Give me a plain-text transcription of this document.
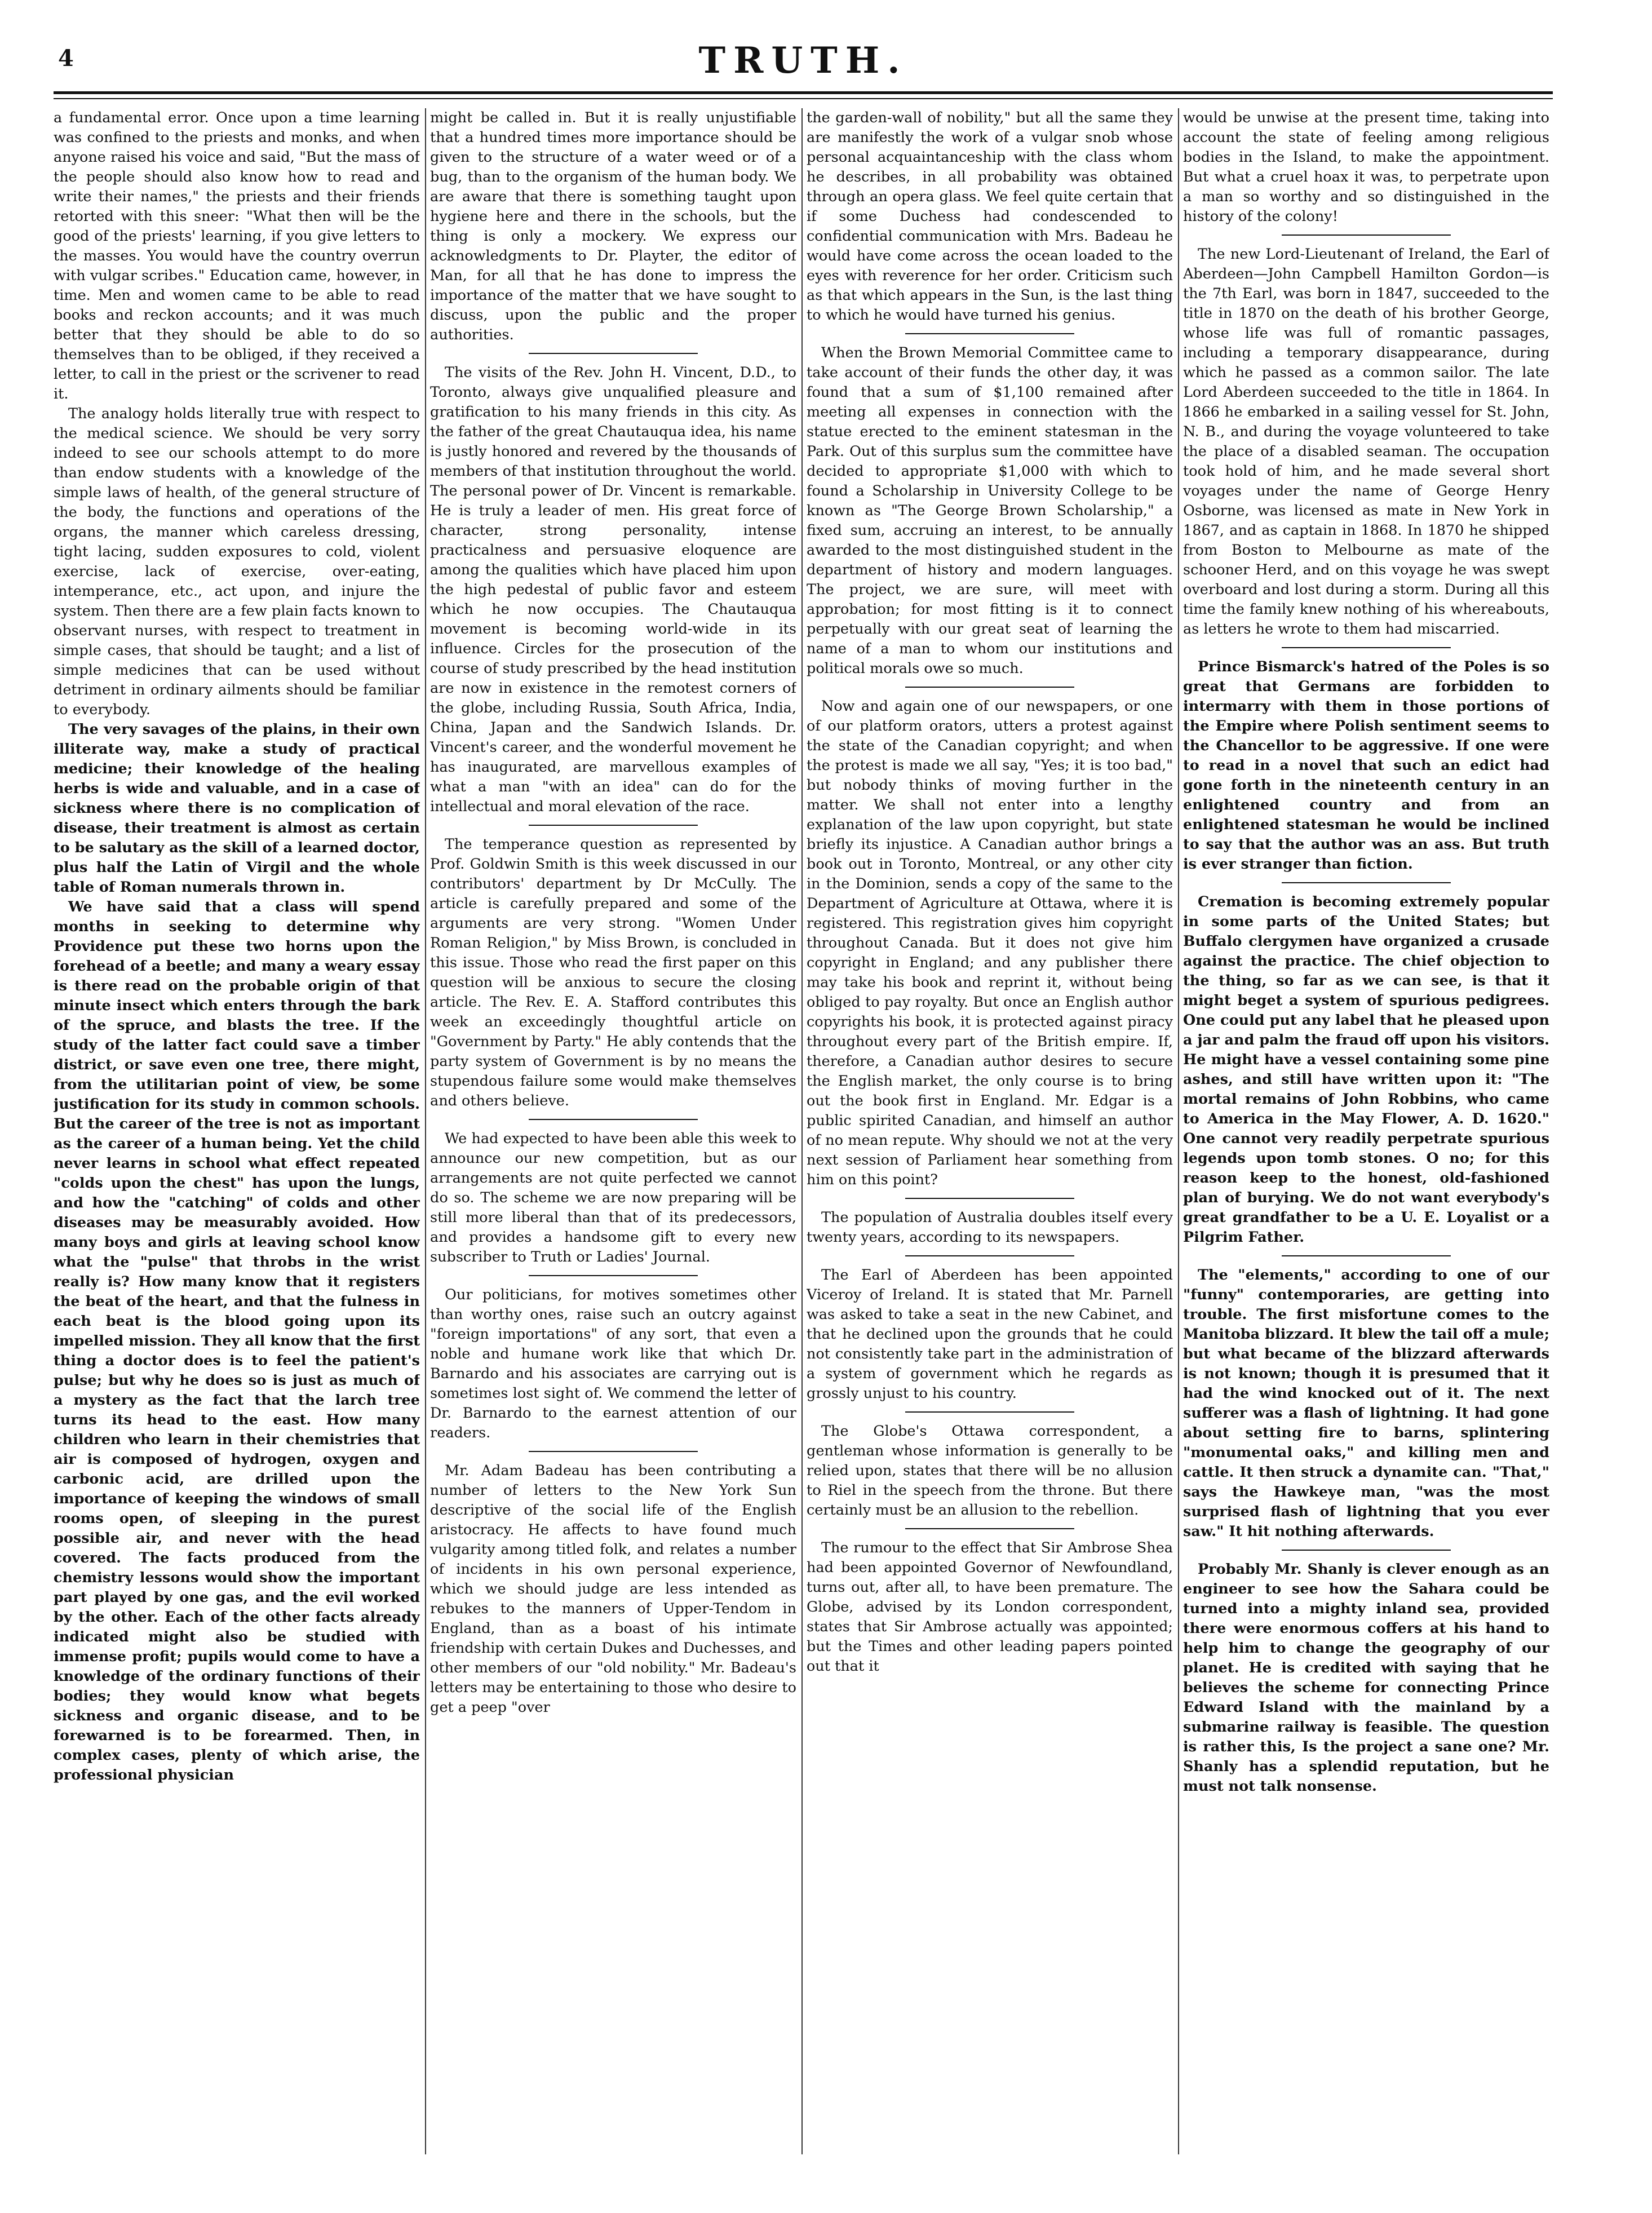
4	TRUTH.

a fundamental error. Once upon a time learning was confined to the priests and monks, and when anyone raised his voice and said, "But the mass of the people should also know how to read and write their names," the priests and their friends retorted with this sneer: "What then will be the good of the priests' learning, if you give letters to the masses. You would have the country overrun with vulgar scribes." Education came, however, in time. Men and women came to be able to read books and reckon accounts; and it was much better that they should be able to do so themselves than to be obliged, if they received a letter, to call in the priest or the scrivener to read it.

The analogy holds literally true with respect to the medical science. We should be very sorry indeed to see our schools attempt to do more than endow students with a knowledge of the simple laws of health, of the general structure of the body, the functions and operations of the organs, the manner which careless dressing, tight lacing, sudden exposures to cold, violent exercise, lack of exercise, over-eating, intemperance, etc., act upon, and injure the system. Then there are a few plain facts known to observant nurses, with respect to treatment in simple cases, that should be taught; and a list of simple medicines that can be used without detriment in ordinary ailments should be familiar to everybody.

The very savages of the plains, in their own illiterate way, make a study of practical medicine; their knowledge of the healing herbs is wide and valuable, and in a case of sickness where there is no complication of disease, their treatment is almost as certain to be salutary as the skill of a learned doctor, plus half the Latin of Virgil and the whole table of Roman numerals thrown in.

We have said that a class will spend months in seeking to determine why Providence put these two horns upon the forehead of a beetle; and many a weary essay is there read on the probable origin of that minute insect which enters through the bark of the spruce, and blasts the tree. If the study of the latter fact could save a timber district, or save even one tree, there might, from the utilitarian point of view, be some justification for its study in common schools. But the career of the tree is not as important as the career of a human being. Yet the child never learns in school what effect repeated "colds upon the chest" has upon the lungs, and how the "catching" of colds and other diseases may be measurably avoided. How many boys and girls at leaving school know what the "pulse" that throbs in the wrist really is? How many know that it registers the beat of the heart, and that the fulness in each beat is the blood going upon its impelled mission. They all know that the first thing a doctor does is to feel the patient's pulse; but why he does so is just as much of a mystery as the fact that the larch tree turns its head to the east. How many children who learn in their chemistries that air is composed of hydrogen, oxygen and carbonic acid, are drilled upon the importance of keeping the windows of small rooms open, of sleeping in the purest possible air, and never with the head covered. The facts produced from the chemistry lessons would show the important part played by one gas, and the evil worked by the other. Each of the other facts already indicated might also be studied with immense profit; pupils would come to have a knowledge of the ordinary functions of their bodies; they would know what begets sickness and organic disease, and to be forewarned is to be forearmed. Then, in complex cases, plenty of which arise, the professional physician

might be called in. But it is really unjustifiable that a hundred times more importance should be given to the structure of a water weed or of a bug, than to the organism of the human body. We are aware that there is something taught upon hygiene here and there in the schools, but the thing is only a mockery. We express our acknowledgments to Dr. Playter, the editor of Man, for all that he has done to impress the importance of the matter that we have sought to discuss, upon the public and the proper authorities.

The visits of the Rev. John H. Vincent, D.D., to Toronto, always give unqualified pleasure and gratification to his many friends in this city. As the father of the great Chautauqua idea, his name is justly honored and revered by the thousands of members of that institution throughout the world. The personal power of Dr. Vincent is remarkable. He is truly a leader of men. His great force of character, strong personality, intense practicalness and persuasive eloquence are among the qualities which have placed him upon the high pedestal of public favor and esteem which he now occupies. The Chautauqua movement is becoming world-wide in its influence. Circles for the prosecution of the course of study prescribed by the head institution are now in existence in the remotest corners of the globe, including Russia, South Africa, India, China, Japan and the Sandwich Islands. Dr. Vincent's career, and the wonderful movement he has inaugurated, are marvellous examples of what a man "with an idea" can do for the intellectual and moral elevation of the race.

The temperance question as represented by Prof. Goldwin Smith is this week discussed in our contributors' department by Dr McCully. The article is carefully prepared and some of the arguments are very strong. "Women Under Roman Religion," by Miss Brown, is concluded in this issue. Those who read the first paper on this question will be anxious to secure the closing article. The Rev. E. A. Stafford contributes this week an exceedingly thoughtful article on "Government by Party." He ably contends that the party system of Government is by no means the stupendous failure some would make themselves and others believe.

We had expected to have been able this week to announce our new competition, but as our arrangements are not quite perfected we cannot do so. The scheme we are now preparing will be still more liberal than that of its predecessors, and provides a handsome gift to every new subscriber to Truth or Ladies' Journal.

Our politicians, for motives sometimes other than worthy ones, raise such an outcry against "foreign importations" of any sort, that even a noble and humane work like that which Dr. Barnardo and his associates are carrying out is sometimes lost sight of. We commend the letter of Dr. Barnardo to the earnest attention of our readers.

Mr. Adam Badeau has been contributing a number of letters to the New York Sun descriptive of the social life of the English aristocracy. He affects to have found much vulgarity among titled folk, and relates a number of incidents in his own personal experience, which we should judge are less intended as rebukes to the manners of Upper-Tendom in England, than as a boast of his intimate friendship with certain Dukes and Duchesses, and other members of our "old nobility." Mr. Badeau's letters may be entertaining to those who desire to get a peep "over

the garden-wall of nobility," but all the same they are manifestly the work of a vulgar snob whose personal acquaintanceship with the class whom he describes, in all probability was obtained through an opera glass. We feel quite certain that if some Duchess had condescended to confidential communication with Mrs. Badeau he would have come across the ocean loaded to the eyes with reverence for her order. Criticism such as that which appears in the Sun, is the last thing to which he would have turned his genius.

When the Brown Memorial Committee came to take account of their funds the other day, it was found that a sum of $1,100 remained after meeting all expenses in connection with the statue erected to the eminent statesman in the Park. Out of this surplus sum the committee have decided to appropriate $1,000 with which to found a Scholarship in University College to be known as "The George Brown Scholarship," a fixed sum, accruing an interest, to be annually awarded to the most distinguished student in the department of history and modern languages. The project, we are sure, will meet with approbation; for most fitting is it to connect perpetually with our great seat of learning the name of a man to whom our institutions and political morals owe so much.

Now and again one of our newspapers, or one of our platform orators, utters a protest against the state of the Canadian copyright; and when the protest is made we all say, "Yes; it is too bad," but nobody thinks of moving further in the matter. We shall not enter into a lengthy explanation of the law upon copyright, but state briefly its injustice. A Canadian author brings a book out in Toronto, Montreal, or any other city in the Dominion, sends a copy of the same to the Department of Agriculture at Ottawa, where it is registered. This registration gives him copyright throughout Canada. But it does not give him copyright in England; and any publisher there may take his book and reprint it, without being obliged to pay royalty. But once an English author copyrights his book, it is protected against piracy throughout every part of the British empire. If, therefore, a Canadian author desires to secure the English market, the only course is to bring out the book first in England. Mr. Edgar is a public spirited Canadian, and himself an author of no mean repute. Why should we not at the very next session of Parliament hear something from him on this point?

The population of Australia doubles itself every twenty years, according to its newspapers.

The Earl of Aberdeen has been appointed Viceroy of Ireland. It is stated that Mr. Parnell was asked to take a seat in the new Cabinet, and that he declined upon the grounds that he could not consistently take part in the administration of a system of government which he regards as grossly unjust to his country.

The Globe's Ottawa correspondent, a gentleman whose information is generally to be relied upon, states that there will be no allusion to Riel in the speech from the throne. But there certainly must be an allusion to the rebellion.

The rumour to the effect that Sir Ambrose Shea had been appointed Governor of Newfoundland, turns out, after all, to have been premature. The Globe, advised by its London correspondent, states that Sir Ambrose actually was appointed; but the Times and other leading papers pointed out that it

would be unwise at the present time, taking into account the state of feeling among religious bodies in the Island, to make the appointment. But what a cruel hoax it was, to perpetrate upon a man so worthy and so distinguished in the history of the colony!

The new Lord-Lieutenant of Ireland, the Earl of Aberdeen—John Campbell Hamilton Gordon—is the 7th Earl, was born in 1847, succeeded to the title in 1870 on the death of his brother George, whose life was full of romantic passages, including a temporary disappearance, during which he passed as a common sailor. The late Lord Aberdeen succeeded to the title in 1864. In 1866 he embarked in a sailing vessel for St. John, N. B., and during the voyage volunteered to take the place of a disabled seaman. The occupation took hold of him, and he made several short voyages under the name of George Henry Osborne, was licensed as mate in New York in 1867, and as captain in 1868. In 1870 he shipped from Boston to Melbourne as mate of the schooner Herd, and on this voyage he was swept overboard and lost during a storm. During all this time the family knew nothing of his whereabouts, as letters he wrote to them had miscarried.

Prince Bismarck's hatred of the Poles is so great that Germans are forbidden to intermarry with them in those portions of the Empire where Polish sentiment seems to the Chancellor to be aggressive. If one were to read in a novel that such an edict had gone forth in the nineteenth century in an enlightened country and from an enlightened statesman he would be inclined to say that the author was an ass. But truth is ever stranger than fiction.

Cremation is becoming extremely popular in some parts of the United States; but Buffalo clergymen have organized a crusade against the practice. The chief objection to the thing, so far as we can see, is that it might beget a system of spurious pedigrees. One could put any label that he pleased upon a jar and palm the fraud off upon his visitors. He might have a vessel containing some pine ashes, and still have written upon it: "The mortal remains of John Robbins, who came to America in the May Flower, A. D. 1620." One cannot very readily perpetrate spurious legends upon tomb stones. O no; for this reason keep to the honest, old-fashioned plan of burying. We do not want everybody's great grandfather to be a U. E. Loyalist or a Pilgrim Father.

The "elements," according to one of our "funny" contemporaries, are getting into trouble. The first misfortune comes to the Manitoba blizzard. It blew the tail off a mule; but what became of the blizzard afterwards is not known; though it is presumed that it had the wind knocked out of it. The next sufferer was a flash of lightning. It had gone about setting fire to barns, splintering "monumental oaks," and killing men and cattle. It then struck a dynamite can. "That," says the Hawkeye man, "was the most surprised flash of lightning that you ever saw." It hit nothing afterwards.

Probably Mr. Shanly is clever enough as an engineer to see how the Sahara could be turned into a mighty inland sea, provided there were enormous coffers at his hand to help him to change the geography of our planet. He is credited with saying that he believes the scheme for connecting Prince Edward Island with the mainland by a submarine railway is feasible. The question is rather this, Is the project a sane one? Mr. Shanly has a splendid reputation, but he must not talk nonsense.
